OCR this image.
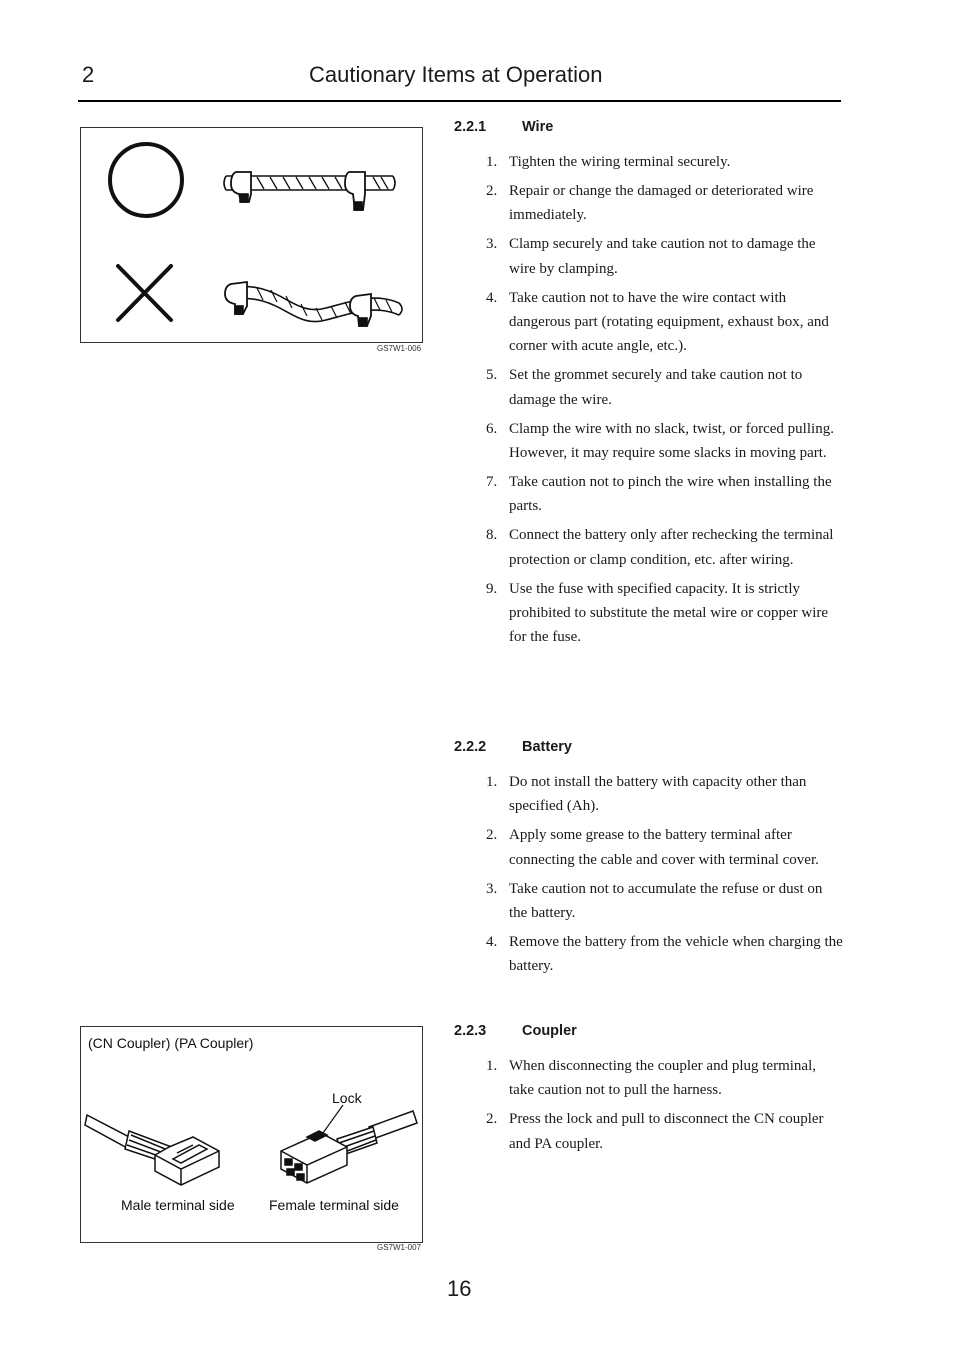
2	Cautionary Items at Operation
GS7W1-006
(CN Coupler) (PA Coupler)
Lock
Male terminal side Female terminal side
GS7W1-007
2.2.1 Wire
1. Tighten the wiring terminal securely.
2. Repair or change the damaged or deteriorated wire immediately.
3. Clamp securely and take caution not to damage the wire by clamping.
4. Take caution not to have the wire contact with dangerous part (rotating equipment, exhaust box, and corner with acute angle, etc.).
5. Set the grommet securely and take caution not to damage the wire.
6. Clamp the wire with no slack, twist, or forced pulling. However, it may require some slacks in moving part.
7. Take caution not to pinch the wire when installing the parts.
8. Connect the battery only after rechecking the terminal protection or clamp condition, etc. after wiring.
9. Use the fuse with specified capacity. It is strictly prohibited to substitute the metal wire or copper wire for the fuse.
2.2.2 Battery
1. Do not install the battery with capacity other than specified (Ah).
2. Apply some grease to the battery terminal after connecting the cable and cover with terminal cover.
3. Take caution not to accumulate the refuse or dust on the battery.
4. Remove the battery from the vehicle when charging the battery.
2.2.3 Coupler
1. When disconnecting the coupler and plug terminal, take caution not to pull the harness.
2. Press the lock and pull to disconnect the CN coupler and PA coupler.
16
